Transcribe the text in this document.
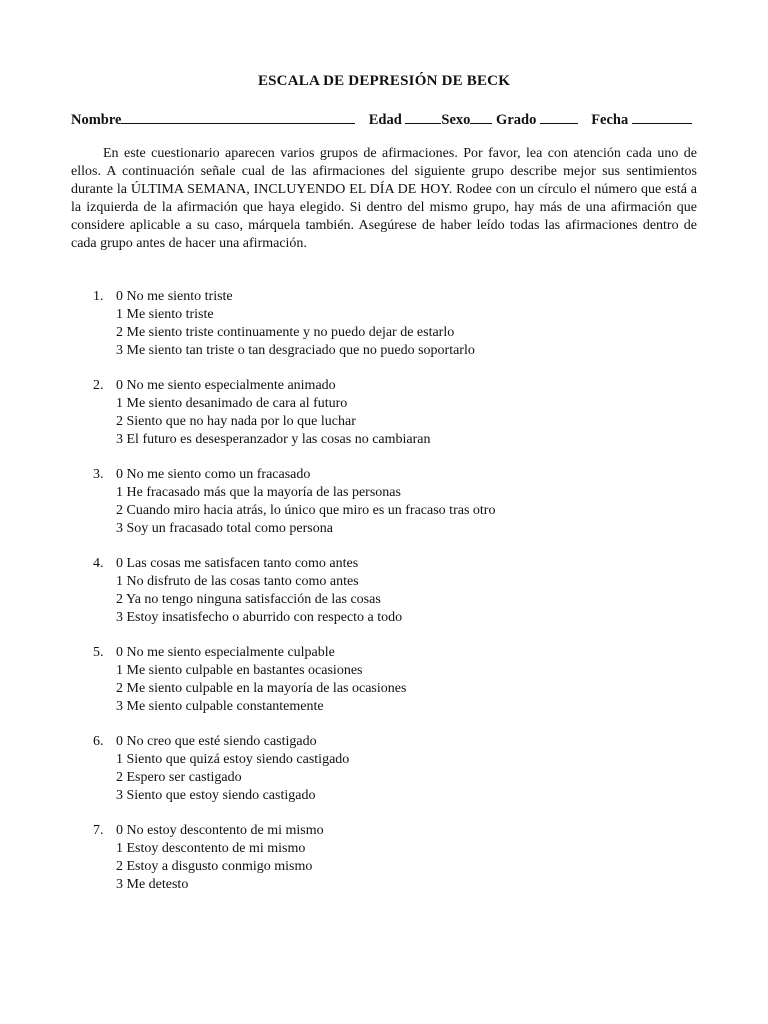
ESCALA DE DEPRESIÓN DE BECK
Nombre	Edad	Sexo Grado	Fecha

En este cuestionario aparecen varios grupos de afirmaciones. Por favor, lea con atención cada uno de ellos. A continuación señale cual de las afirmaciones del siguiente grupo describe mejor sus sentimientos durante la ÚLTIMA SEMANA, INCLUYENDO EL DÍA DE HOY. Rodee con un círculo el número que está a la izquierda de la afirmación que haya elegido. Si dentro del mismo grupo, hay más de una afirmación que considere aplicable a su caso, márquela también. Asegúrese de haber leído todas las afirmaciones dentro de cada grupo antes de hacer una afirmación.

1. 0 No me siento triste
1 Me siento triste
2 Me siento triste continuamente y no puedo dejar de estarlo
3 Me siento tan triste o tan desgraciado que no puedo soportarlo
2. 0 No me siento especialmente animado
1 Me siento desanimado de cara al futuro
2 Siento que no hay nada por lo que luchar
3 El futuro es desesperanzador y las cosas no cambiaran
3. 0 No me siento como un fracasado
1 He fracasado más que la mayoría de las personas
2 Cuando miro hacia atrás, lo único que miro es un fracaso tras otro
3 Soy un fracasado total como persona
4. 0 Las cosas me satisfacen tanto como antes
1 No disfruto de las cosas tanto como antes
2 Ya no tengo ninguna satisfacción de las cosas
3 Estoy insatisfecho o aburrido con respecto a todo
5. 0 No me siento especialmente culpable
1 Me siento culpable en bastantes ocasiones
2 Me siento culpable en la mayoría de las ocasiones
3 Me siento culpable constantemente
6. 0 No creo que esté siendo castigado
1 Siento que quizá estoy siendo castigado
2 Espero ser castigado
3 Siento que estoy siendo castigado
7. 0 No estoy descontento de mi mismo
1 Estoy descontento de mi mismo
2 Estoy a disgusto conmigo mismo
3 Me detesto
